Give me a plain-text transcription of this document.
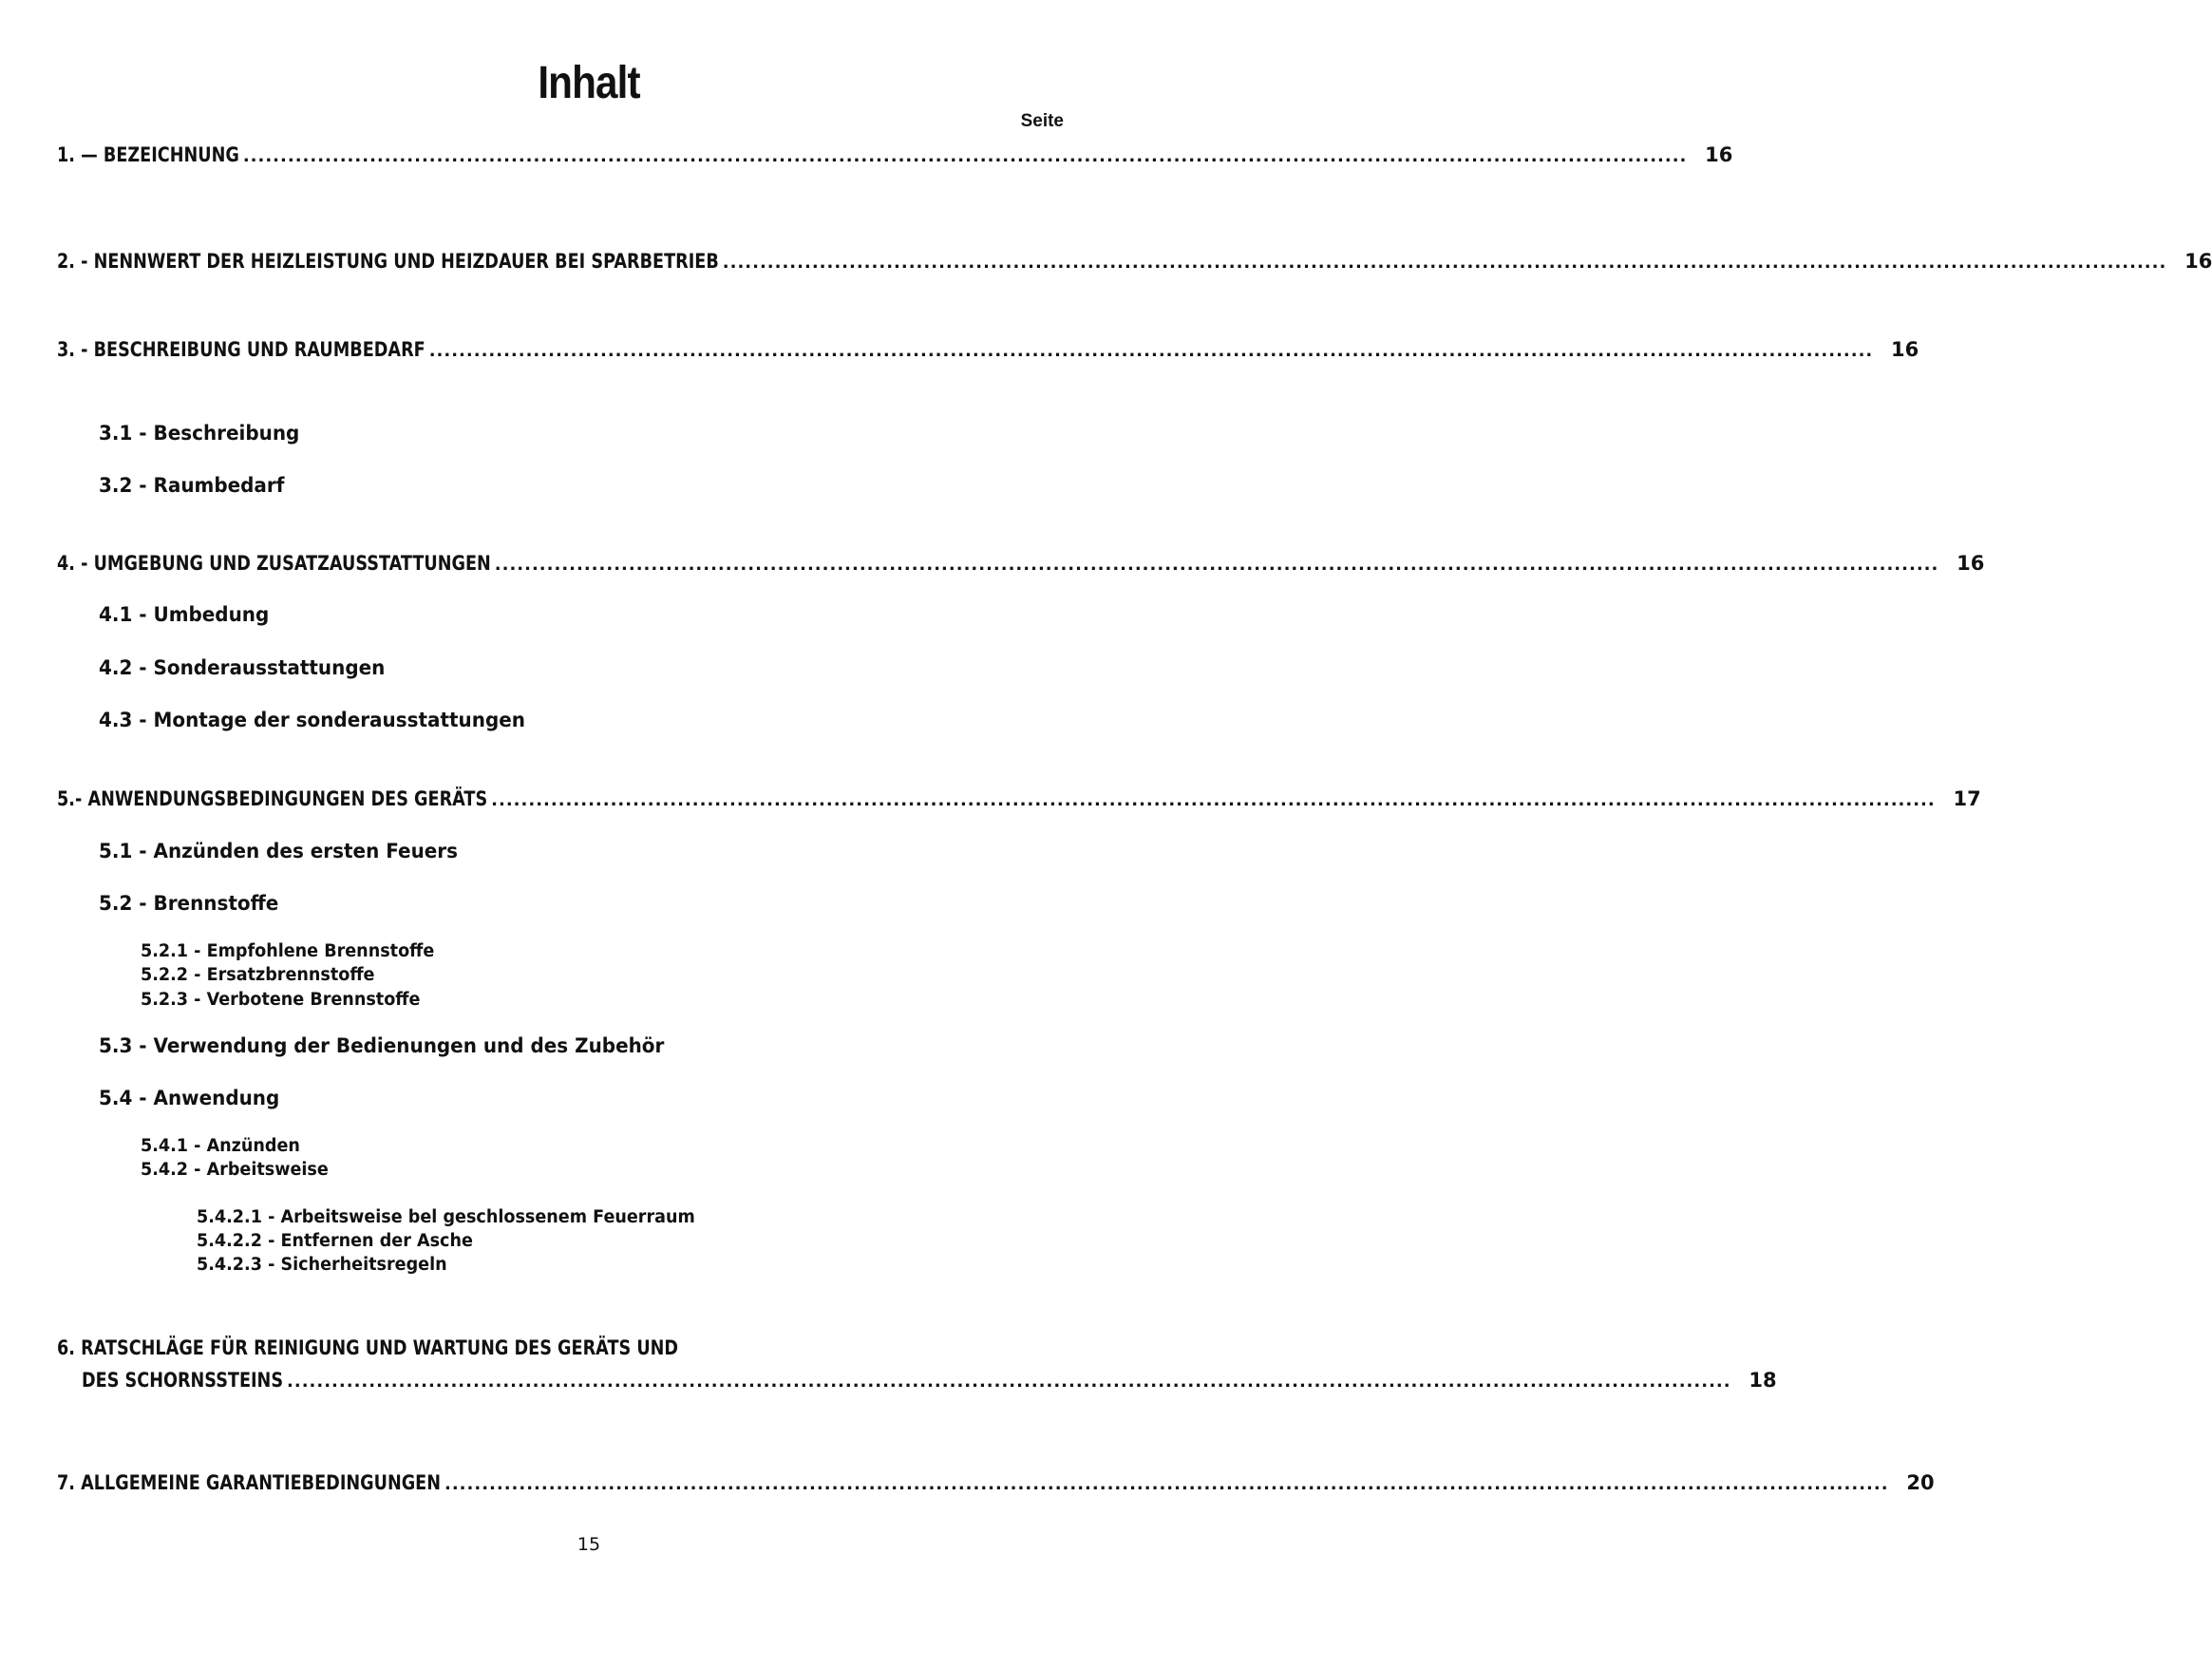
Inhalt
Seite
1. — BEZEICHNUNG .................................................................................................................................................................................................. 16
2. - NENNWERT DER HEIZLEISTUNG UND HEIZDAUER BEI SPARBETRIEB .................................................................................................................................................................................................. 16
3. - BESCHREIBUNG UND RAUMBEDARF .................................................................................................................................................................................................. 16
3.1 - Beschreibung
3.2 - Raumbedarf
4. - UMGEBUNG UND ZUSATZAUSSTATTUNGEN .................................................................................................................................................................................................. 16
4.1 - Umbedung
4.2 - Sonderausstattungen
4.3 - Montage der sonderausstattungen
5.- ANWENDUNGSBEDINGUNGEN DES GERÄTS .................................................................................................................................................................................................. 17
5.1 - Anzünden des ersten Feuers
5.2 - Brennstoffe
5.2.1 - Empfohlene Brennstoffe
5.2.2 - Ersatzbrennstoffe
5.2.3 - Verbotene Brennstoffe
5.3 - Verwendung der Bedienungen und des Zubehör
5.4 - Anwendung
5.4.1 - Anzünden
5.4.2 - Arbeitsweise
5.4.2.1 - Arbeitsweise bel geschlossenem Feuerraum
5.4.2.2 - Entfernen der Asche
5.4.2.3 - Sicherheitsregeln
6. RATSCHLÄGE FÜR REINIGUNG UND WARTUNG DES GERÄTS UND
DES SCHORNSSTEINS .................................................................................................................................................................................................. 18
7. ALLGEMEINE GARANTIEBEDINGUNGEN .................................................................................................................................................................................................. 20
15
